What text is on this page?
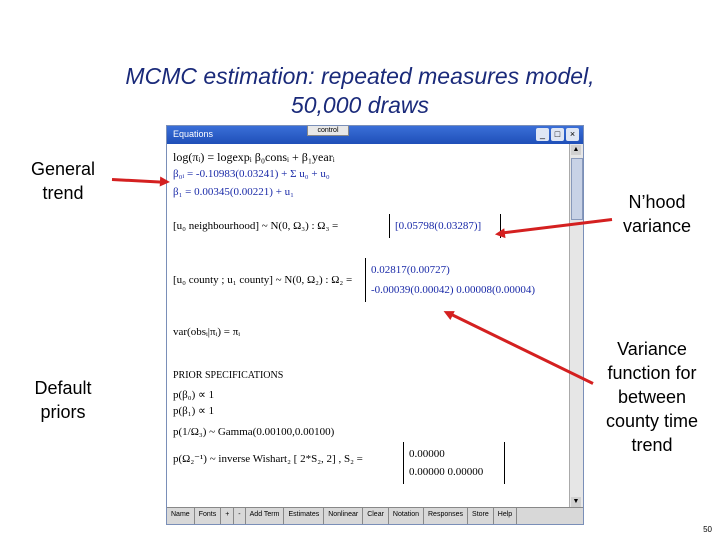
MCMC estimation: repeated measures model,
50,000 draws
General trend	N’hood variance
Variance function for between county time trend
Default priors
Equations	control	_	□	×
log(πᵢ) = logexpᵢ β₀consᵢ + β₁yearᵢ
β₀ᵢ = -0.10983(0.03241) + Σ u₀ + u₀
β₁ = 0.00345(0.00221) + u₁
[u₀ neighbourhood] ~ N(0, Ω₃) : Ω₃ =	[0.05798(0.03287)]
[u₀ county ; u₁ county] ~ N(0, Ω₂) : Ω₂ =
0.02817(0.00727)
-0.00039(0.00042) 0.00008(0.00004)
var(obsᵢ|πᵢ) = πᵢ
PRIOR SPECIFICATIONS
p(β₀) ∝ 1
p(β₁) ∝ 1
p(1/Ω₃) ~ Gamma(0.00100,0.00100)
p(Ω₂⁻¹) ~ inverse Wishart₂ [ 2*S₂, 2] , S₂ =	0.00000
0.00000 0.00000
▲
▼
Name	Fonts	+	-	Add Term	Estimates	Nonlinear	Clear	Notation	Responses	Store	Help
50
